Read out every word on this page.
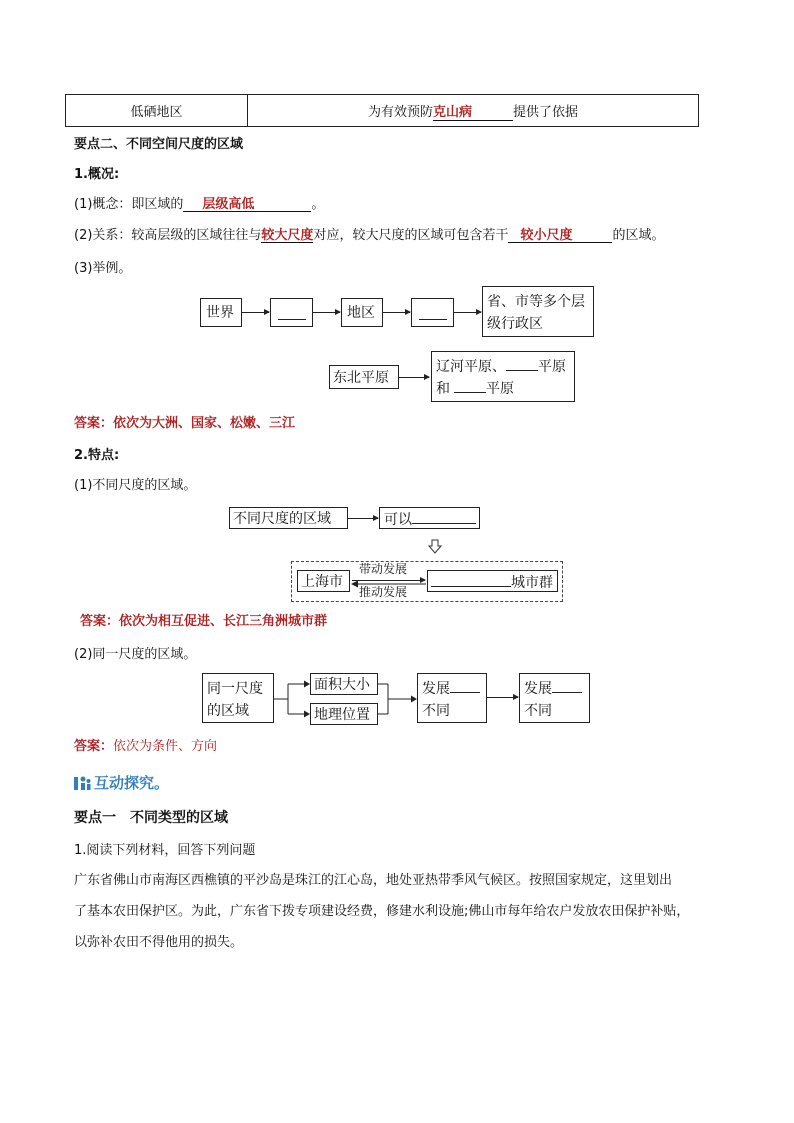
低硒地区	为有效预防克山病	提供了依据
要点二、不同空间尺度的区域
1.概况:
(1)概念：即区域的 层级高低	。
(2)关系：较高层级的区域往往与较大尺度对应，较大尺度的区域可包含若干 较小尺度	的区域。
(3)举例。
世界	地区
省、市等多个层
级行政区
东北平原
辽河平原、 平原
和	平原
答案：依次为大洲、国家、松嫩、三江
2.特点:
(1)不同尺度的区域。
不同尺度的区域	可以
上海市
带动发展
推动发展
城市群
答案：依次为相互促进、长江三角洲城市群
(2)同一尺度的区域。
同一尺度
的区域
面积大小
地理位置
发展
不同
发展
不同
答案：依次为条件、方向
互动探究 。
要点一　不同类型的区域
1.阅读下列材料，回答下列问题
广东省佛山市南海区西樵镇的平沙岛是珠江的江心岛，地处亚热带季风气候区。按照国家规定，这里划出
了基本农田保护区。为此，广东省下拨专项建设经费，修建水利设施;佛山市每年给农户发放农田保护补贴，
以弥补农田不得他用的损失。
